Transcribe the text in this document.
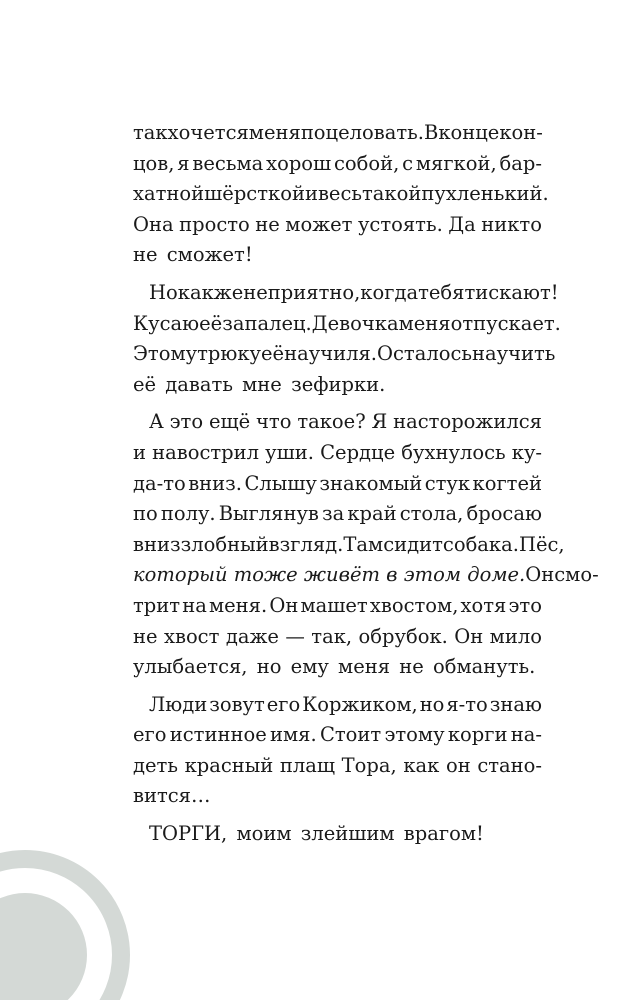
так хочется меня поцеловать. В конце кон-
цов, я весьма хорош собой, с мягкой, бар-
хатной шёрсткой и весь такой пухленький.
Она просто не может устоять. Да никто
не
сможет!
Но как же неприятно, когда тебя тискают!
Кусаю её за палец. Девочка меня отпускает.
Этому трюку её научил я. Осталось научить
её
давать
мне
зефирки.
А это ещё что такое? Я насторожился
и навострил уши. Сердце бухнулось ку-
да-то вниз. Слышу знакомый стук когтей
по полу. Выглянув за край стола, бросаю
вниз злобный взгляд. Там сидит собака. Пёс,
который тоже живёт в этом доме. Он смо-
трит на меня. Он машет хвостом, хотя это
не хвост даже — так, обрубок. Он мило
улыбается,
но
ему
меня
не
обмануть.
Люди зовут его Коржиком, но я-то знаю
его истинное имя. Стоит этому корги на-
деть красный плащ Тора, как он стано-
вится…
ТОРГИ,
моим
злейшим
врагом!
